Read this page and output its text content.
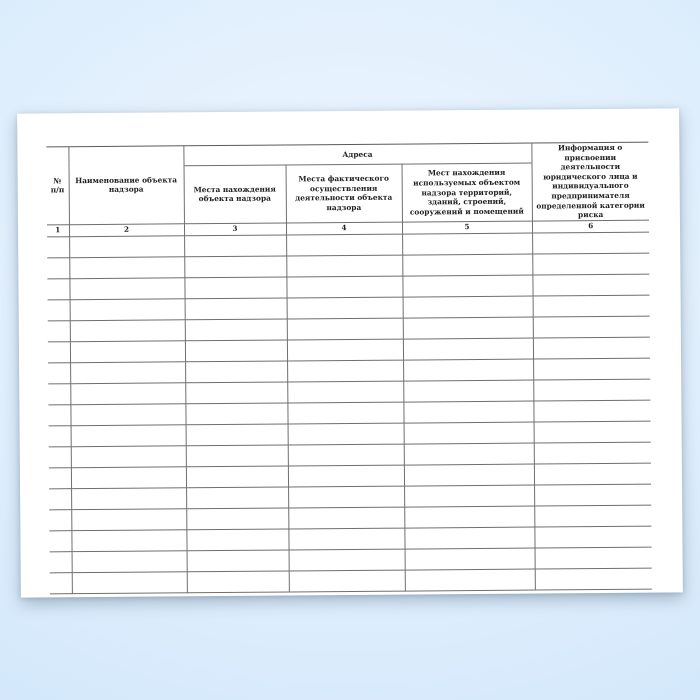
№ п/п	Наименование объекта надзора	Адреса			Информация о присвоении деятельности юридического лица и индивидуального предпринимателя определенной категории риска
		Места нахождения объекта надзора	Места фактического осуществления деятельности объекта надзора	Мест нахождения используемых объектом надзора территорий, зданий, строений, сооружений и помещений	
1	2	3	4	5	6
